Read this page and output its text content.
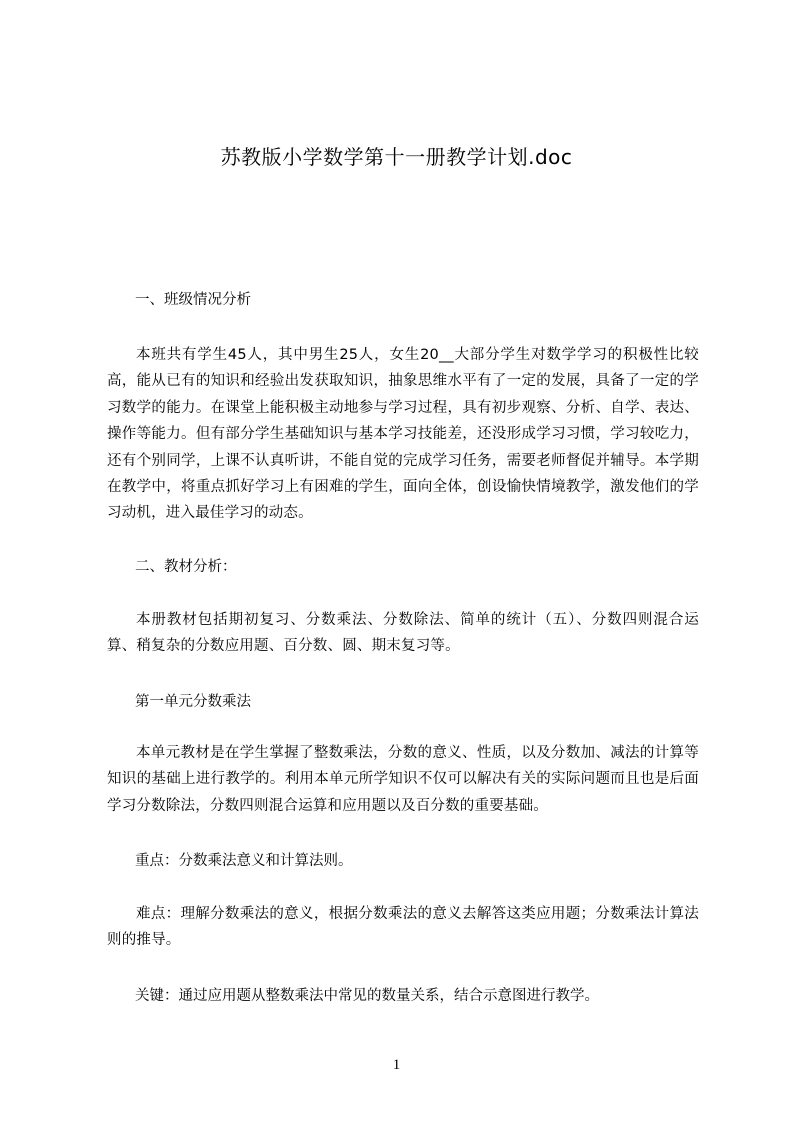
苏教版小学数学第十一册教学计划.doc
一、班级情况分析
本班共有学生45人，其中男生25人，女生20__大部分学生对数学学习的积极性比较高，能从已有的知识和经验出发获取知识，抽象思维水平有了一定的发展，具备了一定的学习数学的能力。在课堂上能积极主动地参与学习过程，具有初步观察、分析、自学、表达、操作等能力。但有部分学生基础知识与基本学习技能差，还没形成学习习惯，学习较吃力，还有个别同学，上课不认真听讲，不能自觉的完成学习任务，需要老师督促并辅导。本学期在教学中，将重点抓好学习上有困难的学生，面向全体，创设愉快情境教学，激发他们的学习动机，进入最佳学习的动态。
二、教材分析：
本册教材包括期初复习、分数乘法、分数除法、简单的统计（五）、分数四则混合运算、稍复杂的分数应用题、百分数、圆、期末复习等。
第一单元分数乘法
本单元教材是在学生掌握了整数乘法，分数的意义、性质，以及分数加、减法的计算等知识的基础上进行教学的。利用本单元所学知识不仅可以解决有关的实际问题而且也是后面学习分数除法，分数四则混合运算和应用题以及百分数的重要基础。
重点：分数乘法意义和计算法则。
难点：理解分数乘法的意义，根据分数乘法的意义去解答这类应用题；分数乘法计算法则的推导。
关键：通过应用题从整数乘法中常见的数量关系，结合示意图进行教学。
1
